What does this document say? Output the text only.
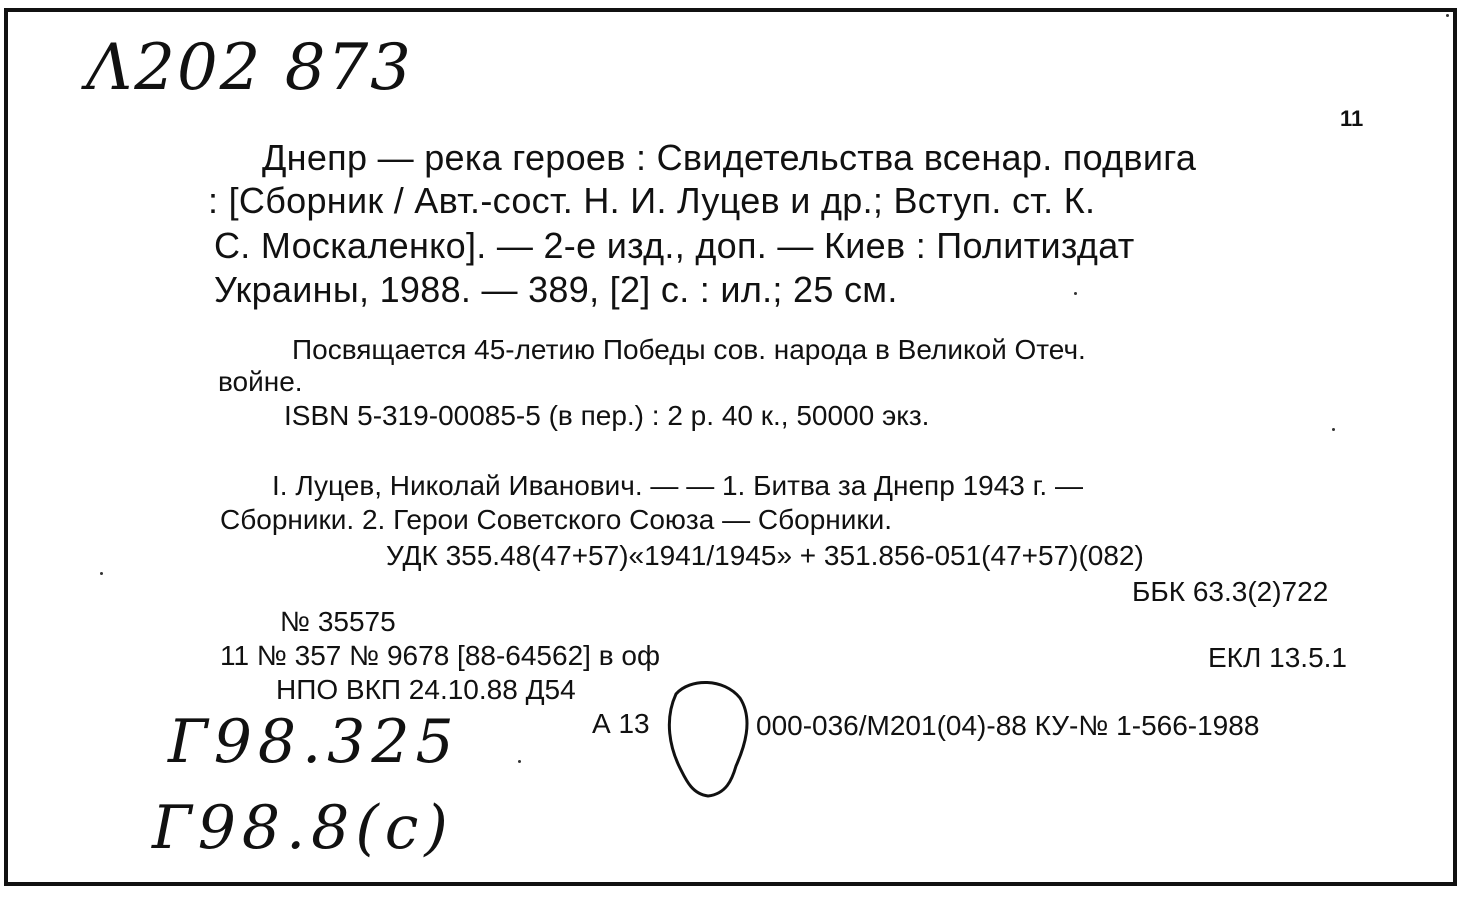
Λ202 873
11
Днепр — река героев : Свидетельства всенар. подвига
: [Сборник / Авт.-сост. Н. И. Луцев и др.; Вступ. ст. К.
С. Москаленко]. — 2-е изд., доп. — Киев : Политиздат
Украины, 1988. — 389, [2] с. : ил.; 25 см.
Посвящается 45-летию Победы сов. народа в Великой Отеч.
войне.
ISBN 5-319-00085-5 (в пер.) : 2 р. 40 к., 50000 экз.
I. Луцев, Николай Иванович. — — 1. Битва за Днепр 1943 г. —
Сборники. 2. Герои Советского Союза — Сборники.
УДК 355.48(47+57)«1941/1945» + 351.856-051(47+57)(082)
ББК 63.3(2)722
№ 35575
11 № 357 № 9678 [88-64562] в оф	ЕКЛ 13.5.1
НПО ВКП 24.10.88 Д54
А 13	000-036/М201(04)-88 КУ-№ 1-566-1988
Г98.325
Г98.8(с)
